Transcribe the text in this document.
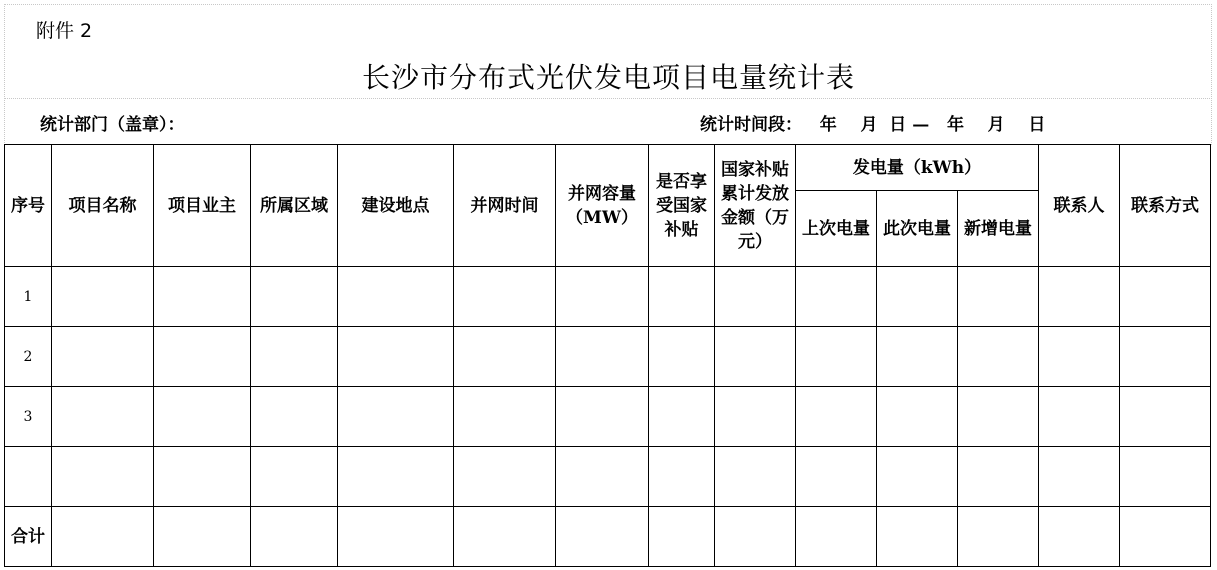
附件 2
长沙市分布式光伏发电项目电量统计表
统计部门（盖章）：	统计时间段： 年 月 日 — 年 月 日
序号	项目名称	项目业主	所属区域	建设地点	并网时间	并网容量（MW）	是否享受国家补贴	国家补贴累计发放金额（万元）	发电量（kWh）			联系人	联系方式
									上次电量	此次电量	新增电量		
1													
2													
3													

合计													
